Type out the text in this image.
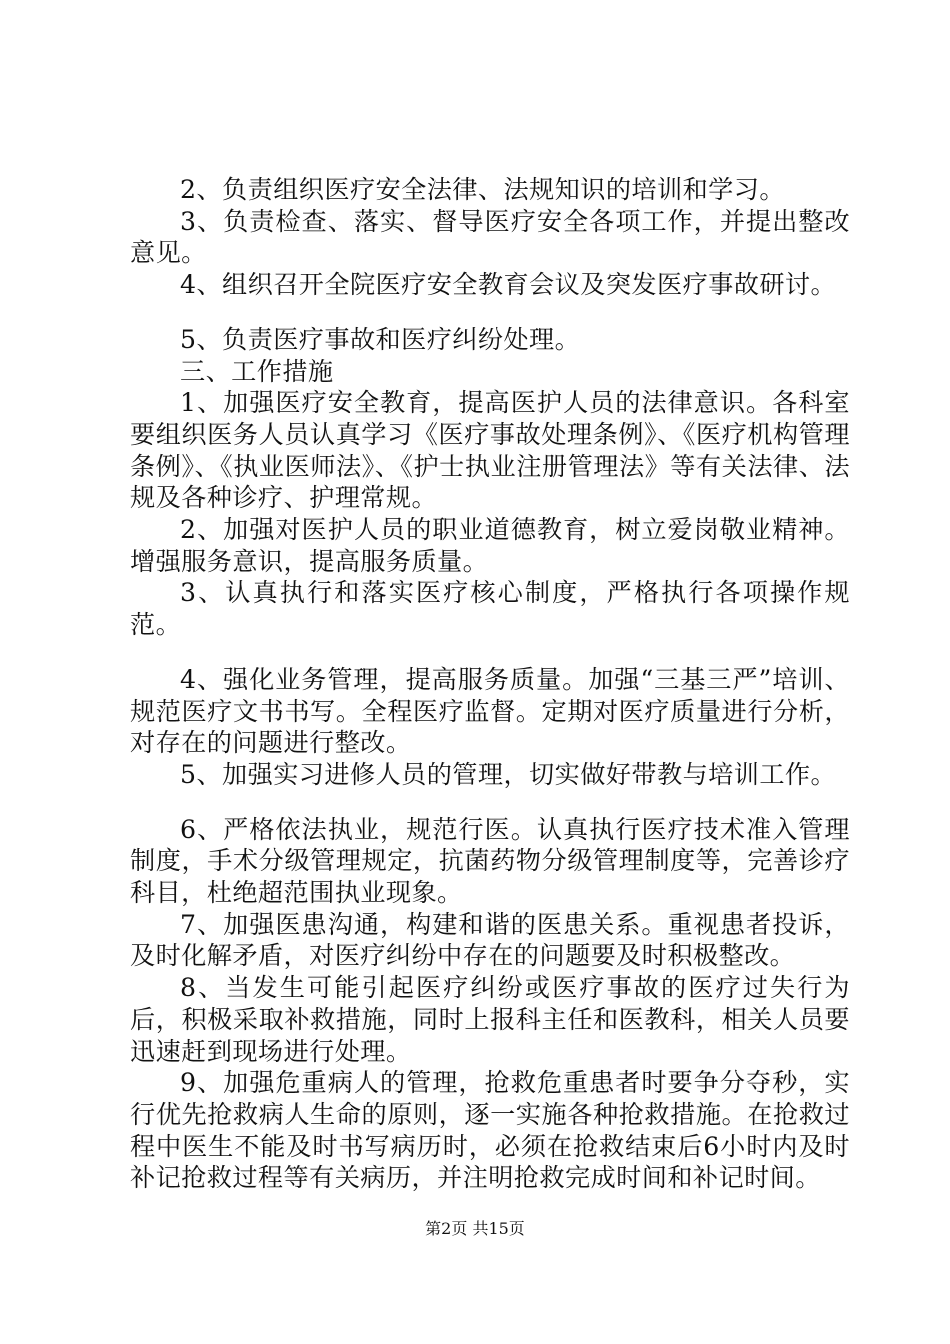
2、负责组织医疗安全法律、法规知识的培训和学习。

3、负责检查、落实、督导医疗安全各项工作，并提出整改意见。

4、组织召开全院医疗安全教育会议及突发医疗事故研讨。

5、负责医疗事故和医疗纠纷处理。

三、工作措施

1、加强医疗安全教育，提高医护人员的法律意识。各科室要组织医务人员认真学习《医疗事故处理条例》、《医疗机构管理条例》、《执业医师法》、《护士执业注册管理法》等有关法律、法规及各种诊疗、护理常规。

2、加强对医护人员的职业道德教育，树立爱岗敬业精神。增强服务意识，提高服务质量。

3、认真执行和落实医疗核心制度，严格执行各项操作规范。

4、强化业务管理，提高服务质量。加强“三基三严”培训、规范医疗文书书写。全程医疗监督。定期对医疗质量进行分析，对存在的问题进行整改。

5、加强实习进修人员的管理，切实做好带教与培训工作。

6、严格依法执业，规范行医。认真执行医疗技术准入管理制度，手术分级管理规定，抗菌药物分级管理制度等，完善诊疗科目，杜绝超范围执业现象。

7、加强医患沟通，构建和谐的医患关系。重视患者投诉，及时化解矛盾，对医疗纠纷中存在的问题要及时积极整改。

8、当发生可能引起医疗纠纷或医疗事故的医疗过失行为后，积极采取补救措施，同时上报科主任和医教科，相关人员要迅速赶到现场进行处理。

9、加强危重病人的管理，抢救危重患者时要争分夺秒，实行优先抢救病人生命的原则，逐一实施各种抢救措施。在抢救过程中医生不能及时书写病历时，必须在抢救结束后6小时内及时补记抢救过程等有关病历，并注明抢救完成时间和补记时间。

第2页 共15页
